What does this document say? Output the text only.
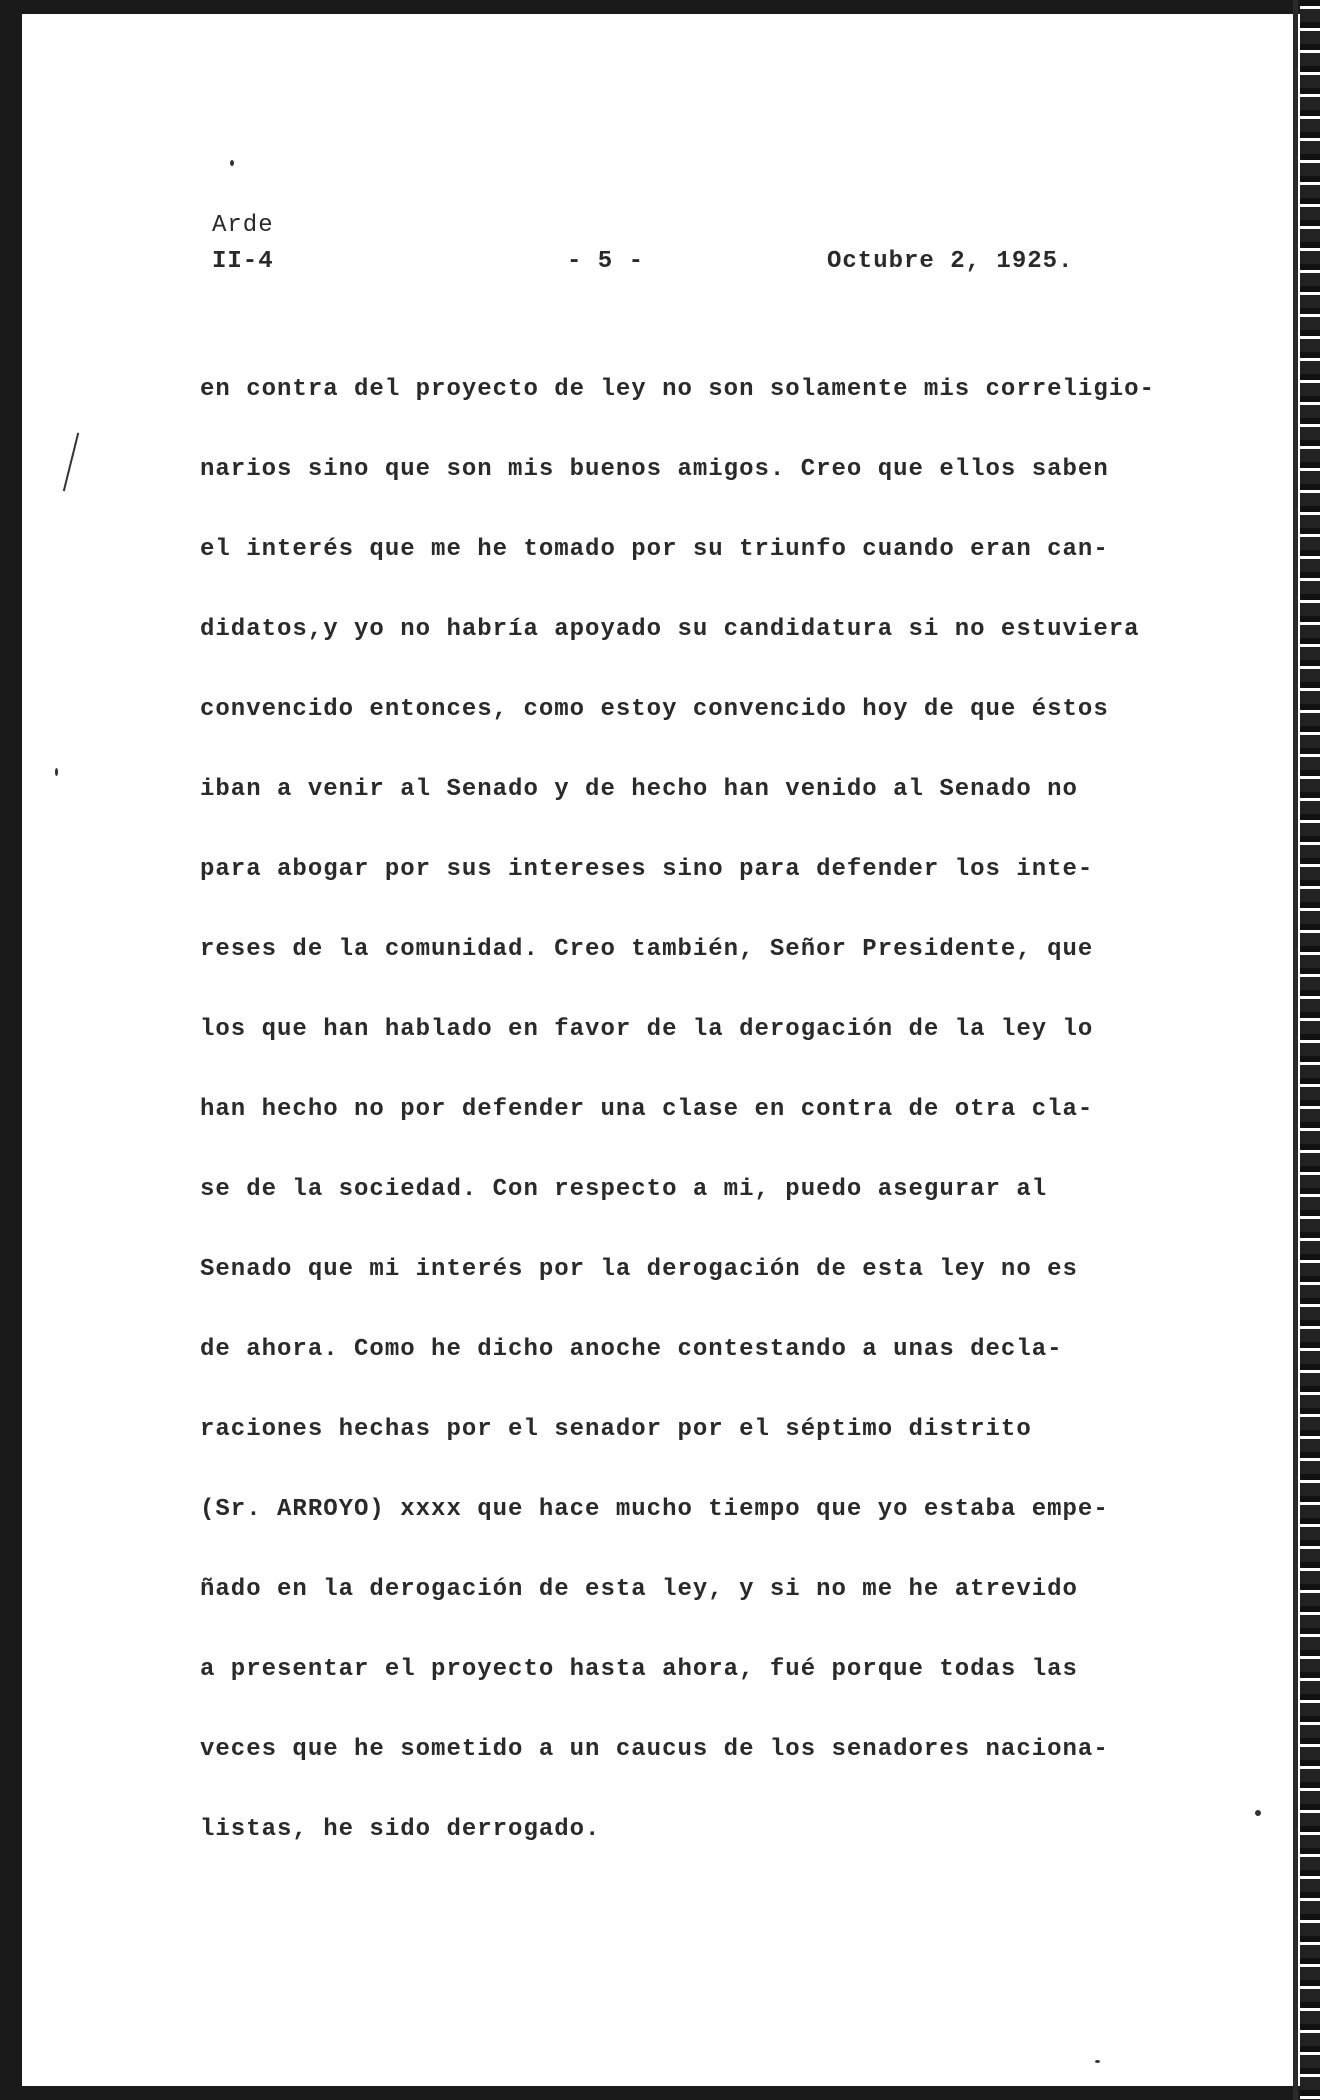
Arde
II-4	- 5 -	Octubre 2, 1925.
en contra del proyecto de ley no son solamente mis correligio-
narios sino que son mis buenos amigos. Creo que ellos saben
el interés que me he tomado por su triunfo cuando eran can-
didatos,y yo no habría apoyado su candidatura si no estuviera
convencido entonces, como estoy convencido hoy de que éstos
iban a venir al Senado y de hecho han venido al Senado no
para abogar por sus intereses sino para defender los inte-
reses de la comunidad. Creo también, Señor Presidente, que
los que han hablado en favor de la derogación de la ley lo
han hecho no por defender una clase en contra de otra cla-
se de la sociedad. Con respecto a mi, puedo asegurar al
Senado que mi interés por la derogación de esta ley no es
de ahora. Como he dicho anoche contestando a unas decla-
raciones hechas por el senador por el séptimo distrito
(Sr. ARROYO) xxxx que hace mucho tiempo que yo estaba empe-
ñado en la derogación de esta ley, y si no me he atrevido
a presentar el proyecto hasta ahora, fué porque todas las
veces que he sometido a un caucus de los senadores naciona-
listas, he sido derrogado.
